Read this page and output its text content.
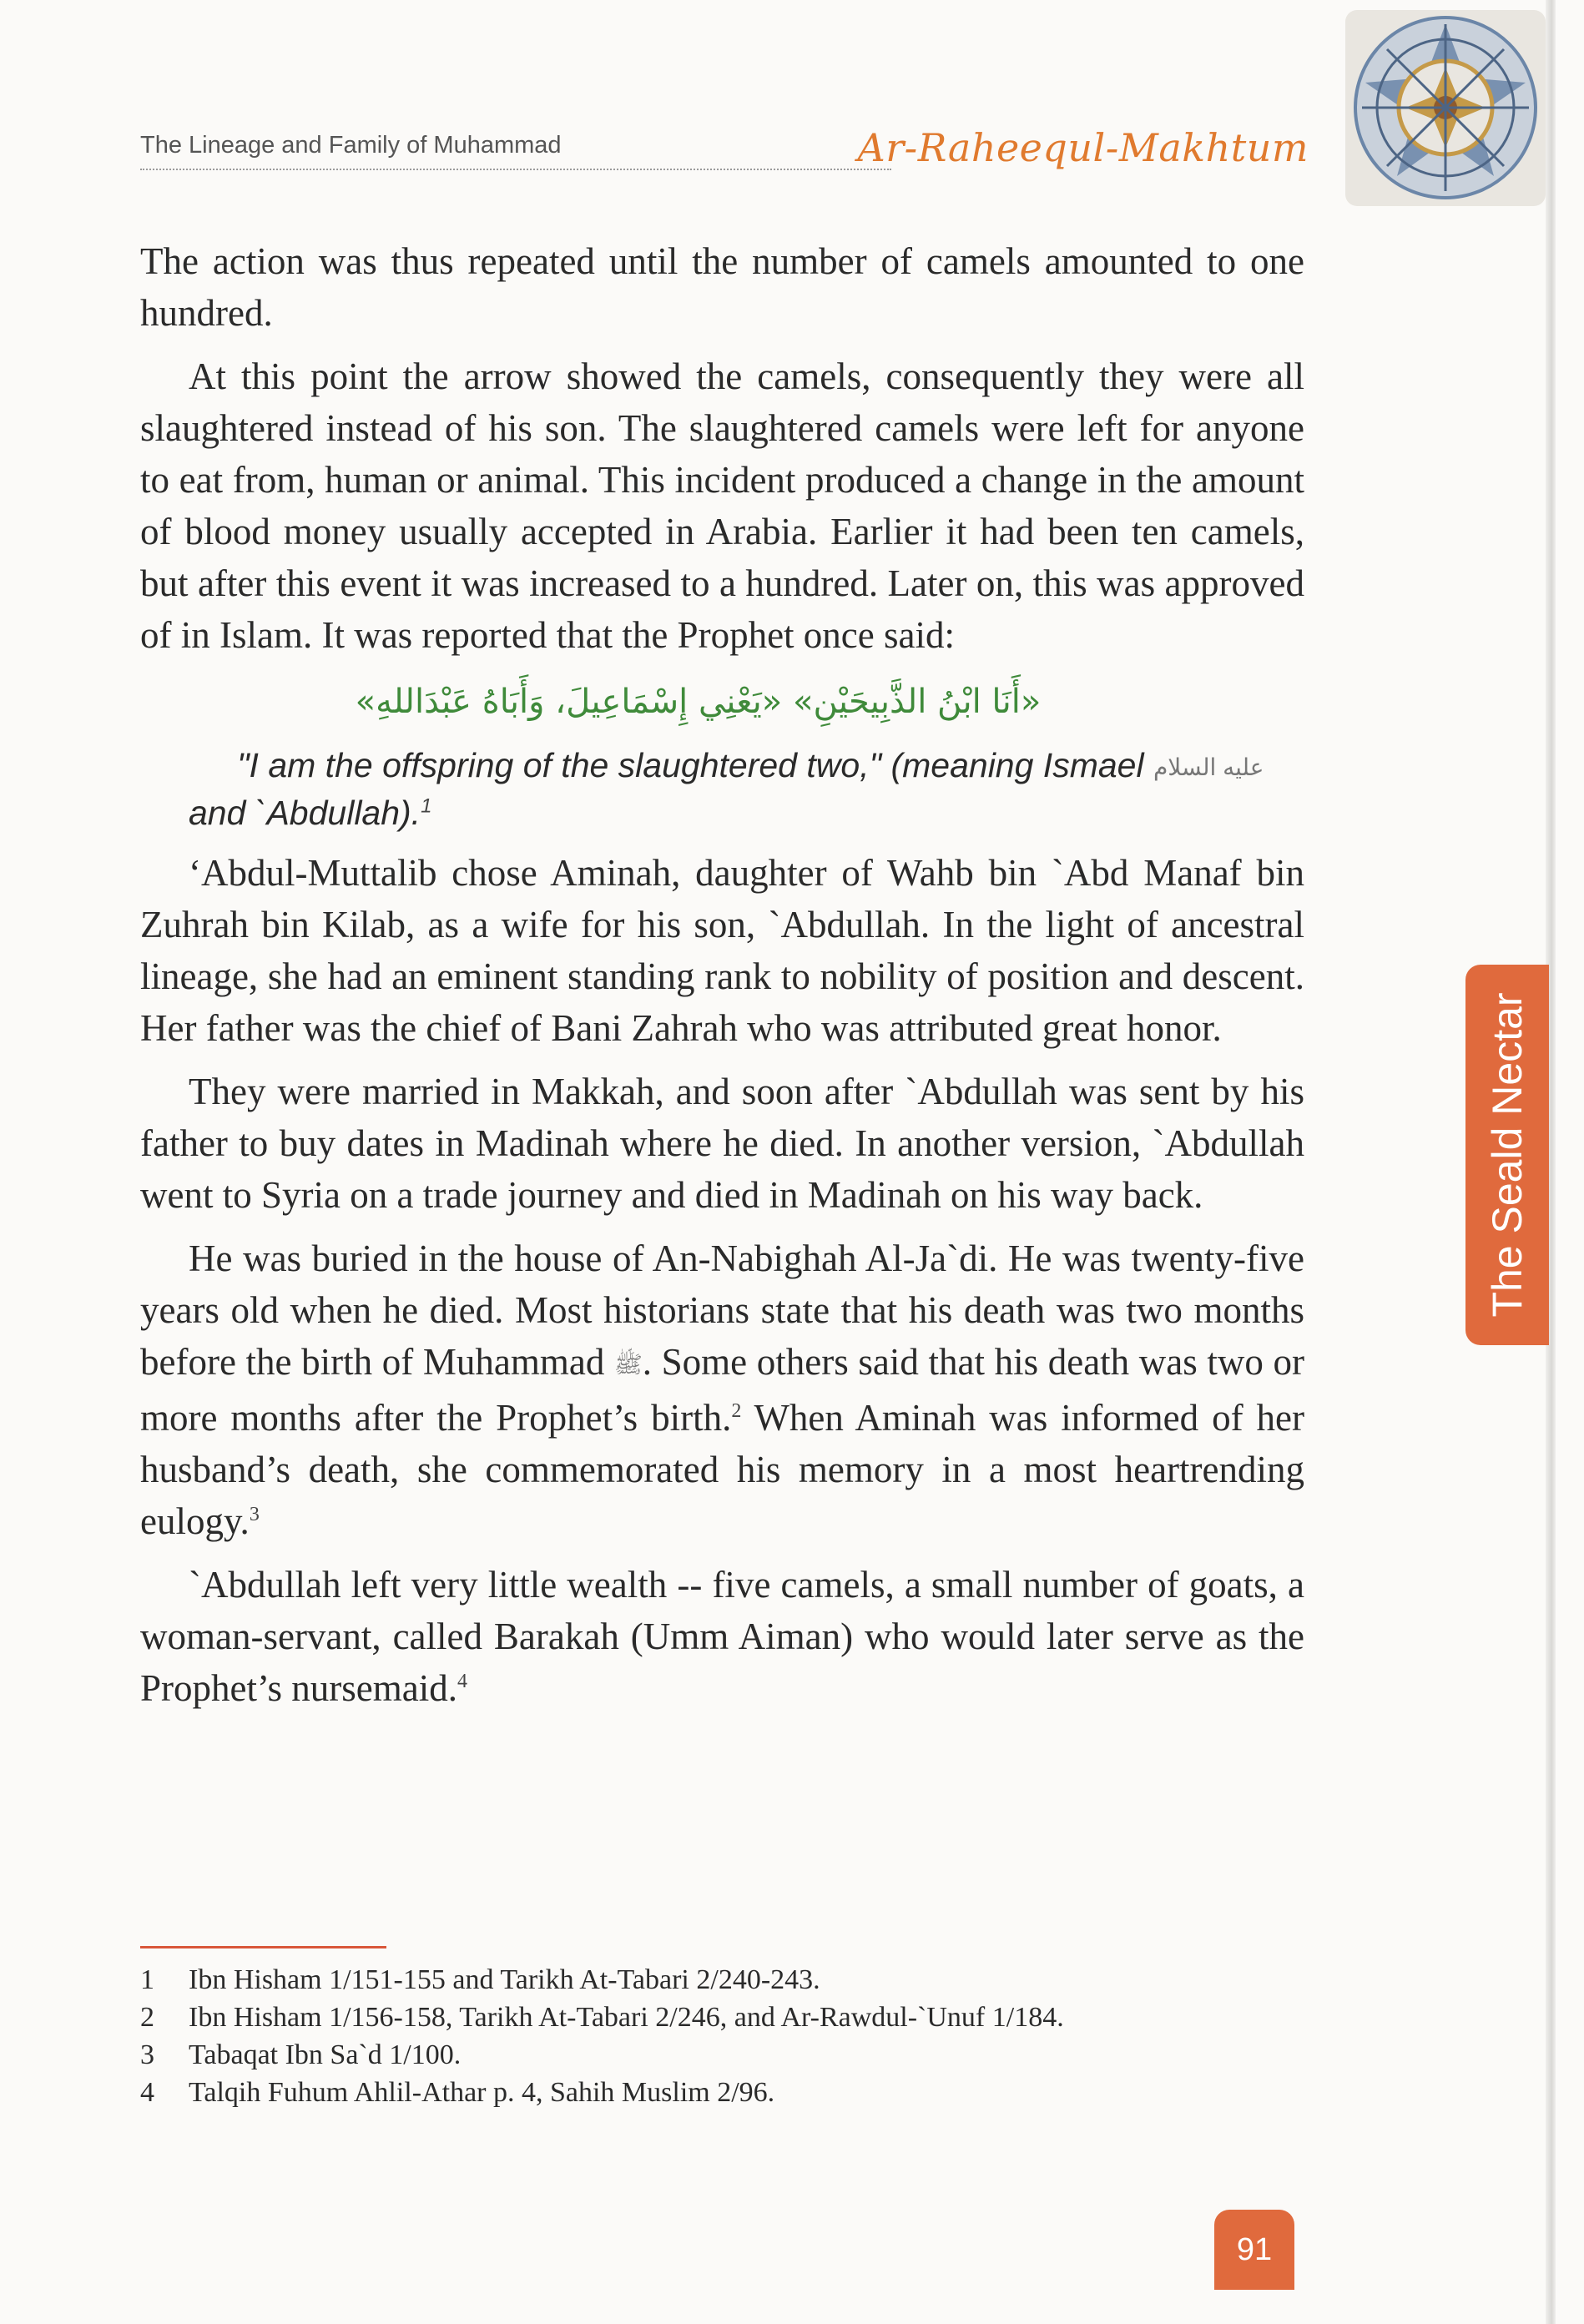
The Lineage and Family of Muhammad	Ar-Raheequl-Makhtum

The action was thus repeated until the number of camels amounted to one hundred.

At this point the arrow showed the camels, consequently they were all slaughtered instead of his son. The slaughtered camels were left for anyone to eat from, human or animal. This incident produced a change in the amount of blood money usually accepted in Arabia. Earlier it had been ten camels, but after this event it was increased to a hundred. Later on, this was approved of in Islam. It was reported that the Prophet once said:

«أَنَا ابْنُ الذَّبِيحَيْنِ» «يَعْنِي إِسْمَاعِيلَ، وَأَبَاهُ عَبْدَاللهِ»

"I am the offspring of the slaughtered two," (meaning Ismael عليه السلام and `Abdullah).$^1$

‘Abdul-Muttalib chose Aminah, daughter of Wahb bin `Abd Manaf bin Zuhrah bin Kilab, as a wife for his son, `Abdullah. In the light of ancestral lineage, she had an eminent standing rank to nobility of position and descent. Her father was the chief of Bani Zahrah who was attributed great honor.

They were married in Makkah, and soon after `Abdullah was sent by his father to buy dates in Madinah where he died. In another version, `Abdullah went to Syria on a trade journey and died in Madinah on his way back.

He was buried in the house of An-Nabighah Al-Ja`di. He was twenty-five years old when he died. Most historians state that his death was two months before the birth of Muhammad ﷺ. Some others said that his death was two or more months after the Prophet’s birth.$^2$ When Aminah was informed of her husband’s death, she commemorated his memory in a most heartrending eulogy.$^3$

`Abdullah left very little wealth -- five camels, a small number of goats, a woman-servant, called Barakah (Umm Aiman) who would later serve as the Prophet’s nursemaid.$^4$

1 Ibn Hisham 1/151-155 and Tarikh At-Tabari 2/240-243.
2 Ibn Hisham 1/156-158, Tarikh At-Tabari 2/246, and Ar-Rawdul-`Unuf 1/184.
3 Tabaqat Ibn Sa`d 1/100.
4 Talqih Fuhum Ahlil-Athar p. 4, Sahih Muslim 2/96.
The Seald Nectar
91
